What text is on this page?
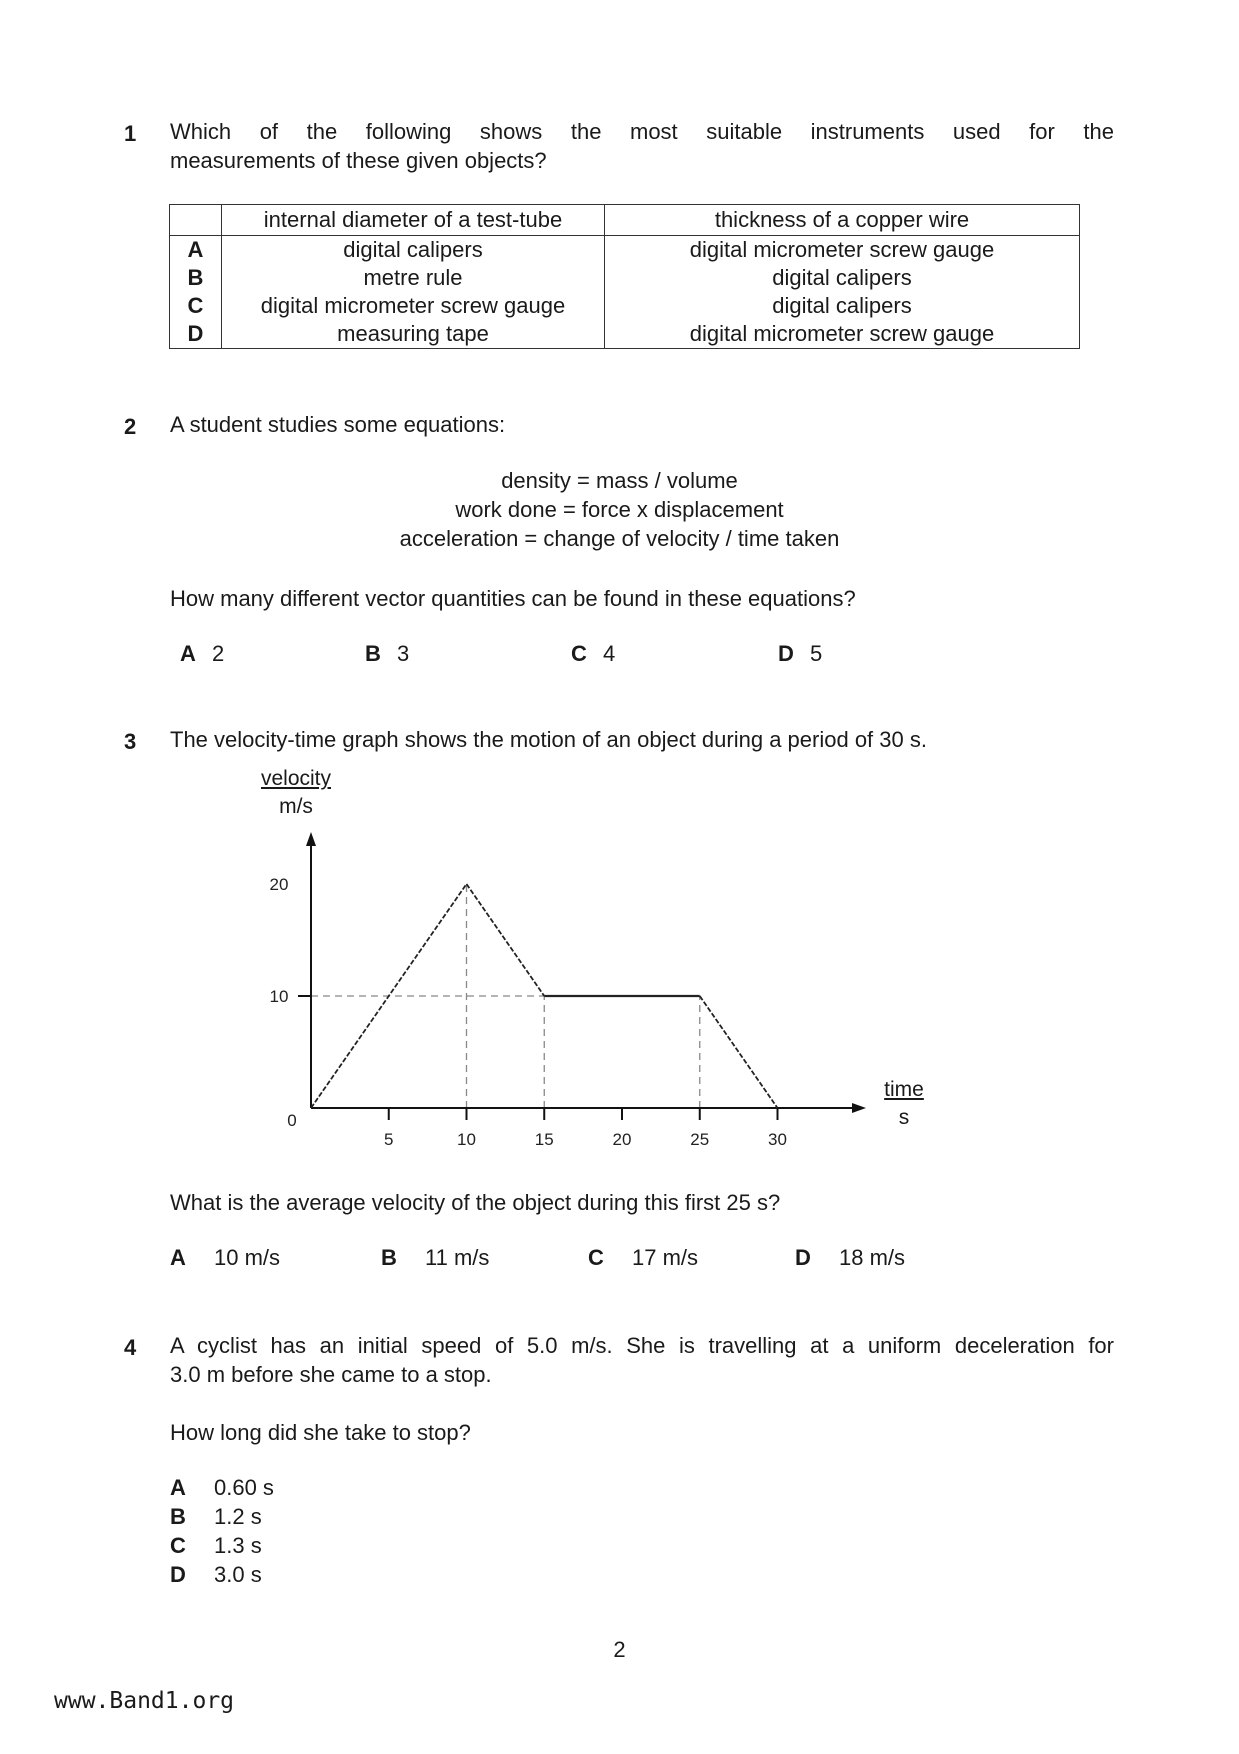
1 Which of the following shows the most suitable instruments used for the
measurements of these given objects?
	internal diameter of a test-tube	thickness of a copper wire
A	digital calipers	digital micrometer screw gauge
B	metre rule	digital calipers
C	digital micrometer screw gauge	digital calipers
D	measuring tape	digital micrometer screw gauge
2 A student studies some equations:
density = mass / volume
work done = force x displacement
acceleration = change of velocity / time taken
How many different vector quantities can be found in these equations?
A 2	B 3	C 4	D 5
3 The velocity-time graph shows the motion of an object during a period of 30 s.
velocity
m/s
time
s
5	10	15	20	25	30
0
10
20
What is the average velocity of the object during this first 25 s?
A 10 m/s	B 11 m/s	C 17 m/s	D 18 m/s
4 A cyclist has an initial speed of 5.0 m/s. She is travelling at a uniform deceleration for
3.0 m before she came to a stop.
How long did she take to stop?
A 0.60 s
B 1.2 s
C 1.3 s
D 3.0 s
2
www.Band1.org
